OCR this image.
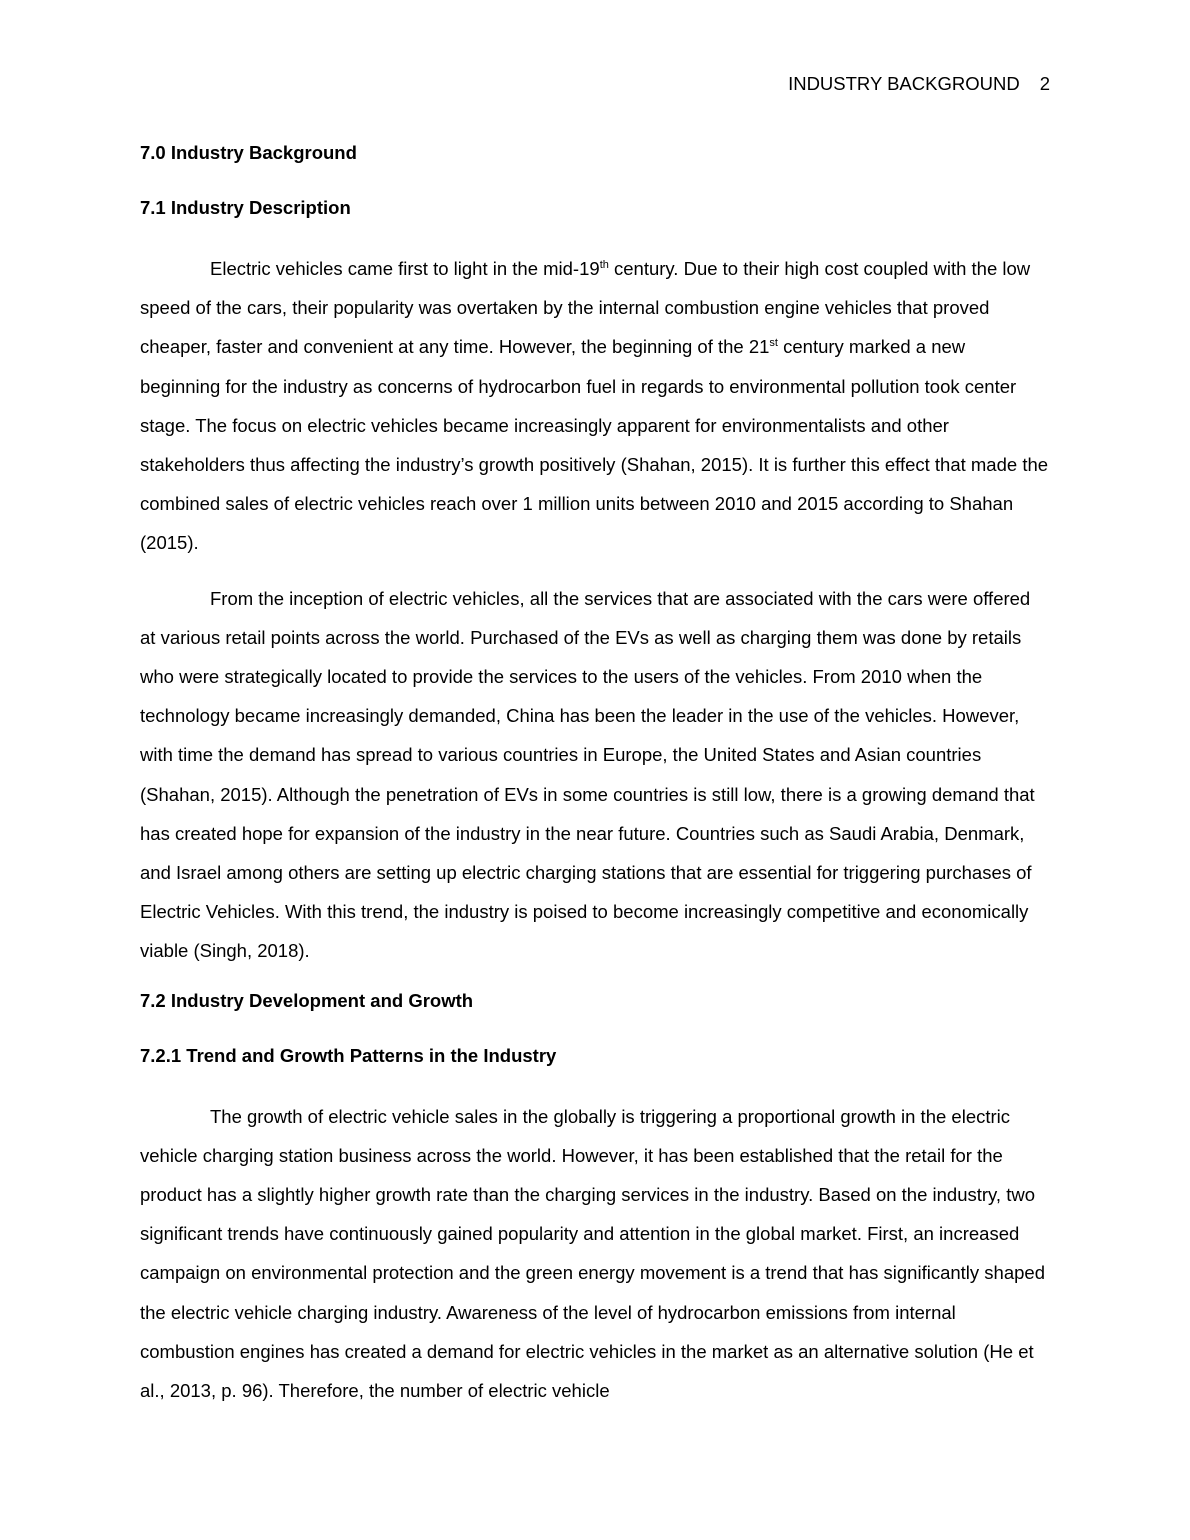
INDUSTRY BACKGROUND 2
7.0 Industry Background
7.1 Industry Description

Electric vehicles came first to light in the mid-19th century. Due to their high cost coupled with the low speed of the cars, their popularity was overtaken by the internal combustion engine vehicles that proved cheaper, faster and convenient at any time. However, the beginning of the 21st century marked a new beginning for the industry as concerns of hydrocarbon fuel in regards to environmental pollution took center stage. The focus on electric vehicles became increasingly apparent for environmentalists and other stakeholders thus affecting the industry’s growth positively (Shahan, 2015). It is further this effect that made the combined sales of electric vehicles reach over 1 million units between 2010 and 2015 according to Shahan (2015).

From the inception of electric vehicles, all the services that are associated with the cars were offered at various retail points across the world. Purchased of the EVs as well as charging them was done by retails who were strategically located to provide the services to the users of the vehicles. From 2010 when the technology became increasingly demanded, China has been the leader in the use of the vehicles. However, with time the demand has spread to various countries in Europe, the United States and Asian countries (Shahan, 2015). Although the penetration of EVs in some countries is still low, there is a growing demand that has created hope for expansion of the industry in the near future. Countries such as Saudi Arabia, Denmark, and Israel among others are setting up electric charging stations that are essential for triggering purchases of Electric Vehicles. With this trend, the industry is poised to become increasingly competitive and economically viable (Singh, 2018).

7.2 Industry Development and Growth
7.2.1 Trend and Growth Patterns in the Industry

The growth of electric vehicle sales in the globally is triggering a proportional growth in the electric vehicle charging station business across the world. However, it has been established that the retail for the product has a slightly higher growth rate than the charging services in the industry. Based on the industry, two significant trends have continuously gained popularity and attention in the global market. First, an increased campaign on environmental protection and the green energy movement is a trend that has significantly shaped the electric vehicle charging industry. Awareness of the level of hydrocarbon emissions from internal combustion engines has created a demand for electric vehicles in the market as an alternative solution (He et al., 2013, p. 96). Therefore, the number of electric vehicle
